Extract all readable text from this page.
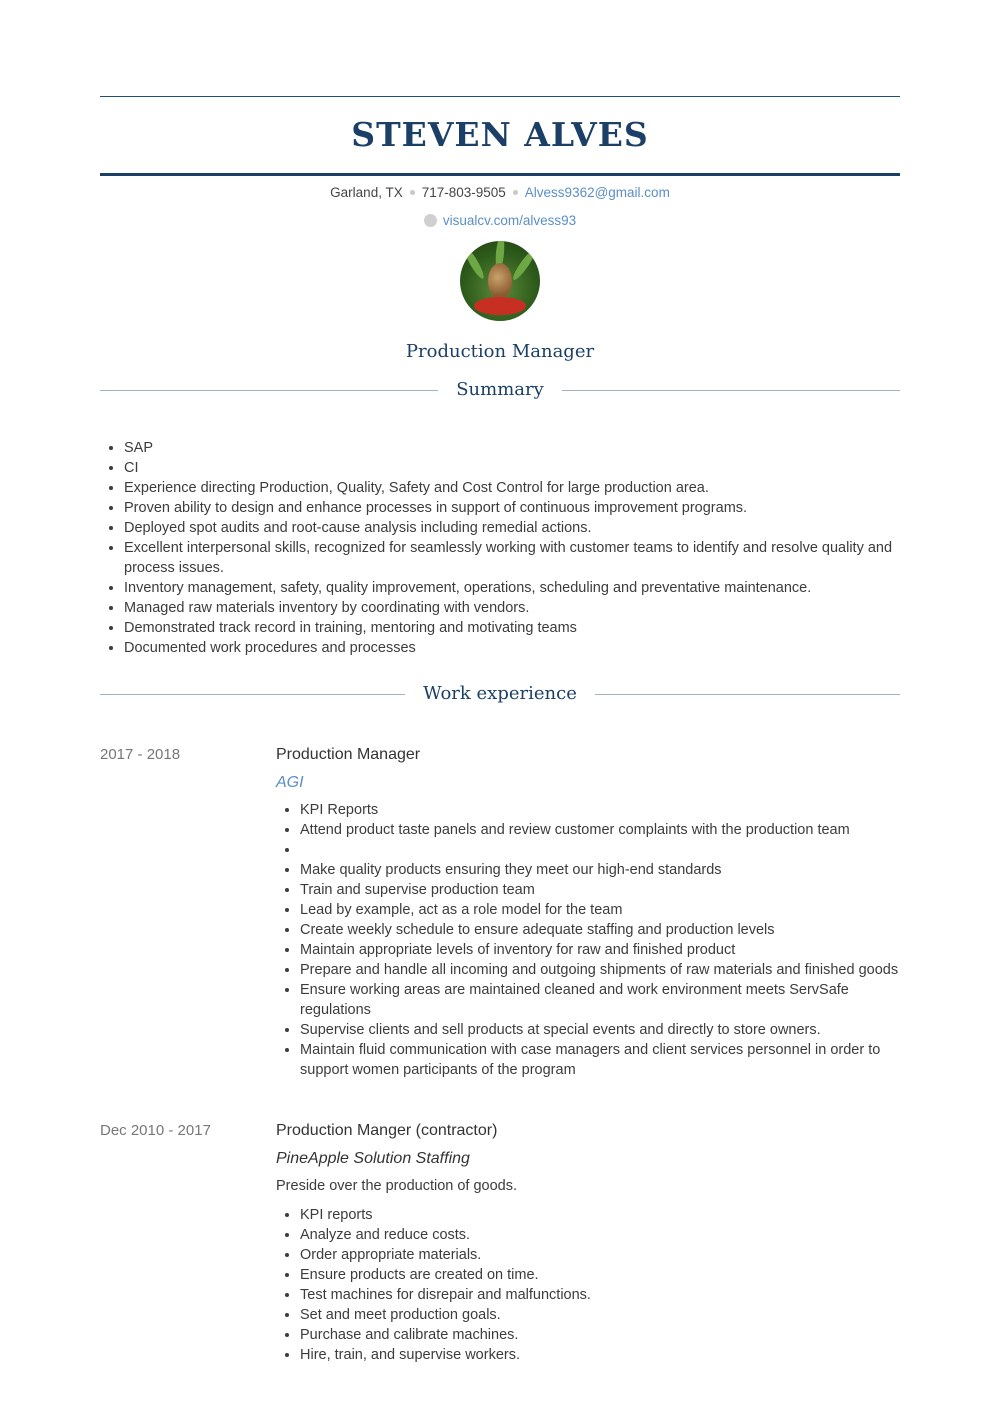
STEVEN ALVES
Garland, TX 717-803-9505 Alvess9362@gmail.com
visualcv.com/alvess93
Production Manager
Summary
• SAP
• CI
• Experience directing Production, Quality, Safety and Cost Control for large production area.
• Proven ability to design and enhance processes in support of continuous improvement programs.
• Deployed spot audits and root-cause analysis including remedial actions.
• Excellent interpersonal skills, recognized for seamlessly working with customer teams to identify and resolve quality and process issues.
• Inventory management, safety, quality improvement, operations, scheduling and preventative maintenance.
• Managed raw materials inventory by coordinating with vendors.
• Demonstrated track record in training, mentoring and motivating teams
• Documented work procedures and processes
Work experience
2017 - 2018	Production Manager
AGI
• KPI Reports
• Attend product taste panels and review customer complaints with the production team
•
• Make quality products ensuring they meet our high-end standards
• Train and supervise production team
• Lead by example, act as a role model for the team
• Create weekly schedule to ensure adequate staffing and production levels
• Maintain appropriate levels of inventory for raw and finished product
• Prepare and handle all incoming and outgoing shipments of raw materials and finished goods
• Ensure working areas are maintained cleaned and work environment meets ServSafe regulations
• Supervise clients and sell products at special events and directly to store owners.
• Maintain fluid communication with case managers and client services personnel in order to support women participants of the program
Dec 2010 - 2017	Production Manger (contractor)
PineApple Solution Staffing
Preside over the production of goods.
• KPI reports
• Analyze and reduce costs.
• Order appropriate materials.
• Ensure products are created on time.
• Test machines for disrepair and malfunctions.
• Set and meet production goals.
• Purchase and calibrate machines.
• Hire, train, and supervise workers.
